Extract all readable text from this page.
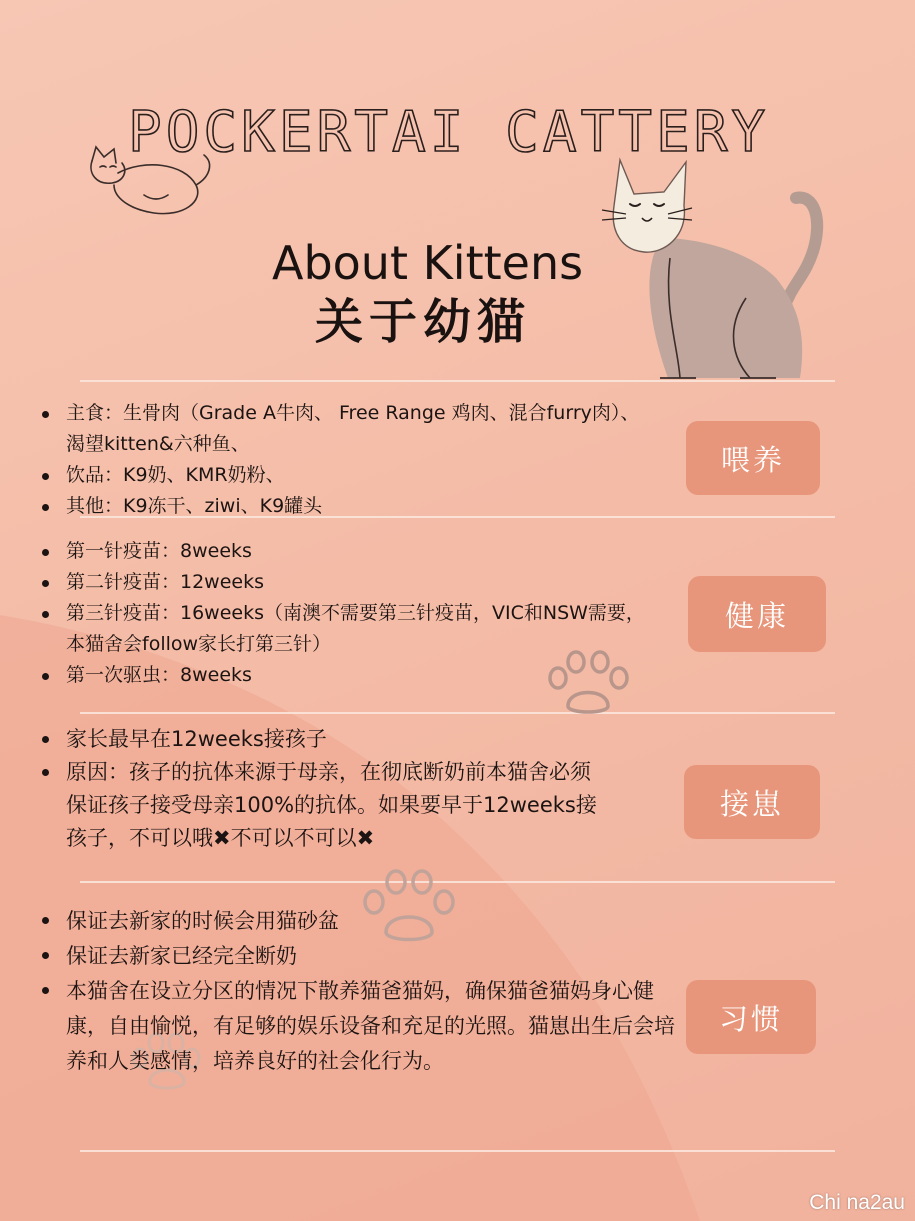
POCKERTAI CATTERY
About Kittens
关于幼猫
主食：生骨肉（Grade A牛肉、 Free Range 鸡肉、混合furry肉）、渴望kitten&六种鱼、
饮品：K9奶、KMR奶粉、
其他：K9冻干、ziwi、K9罐头
喂养
第一针疫苗：8weeks
第二针疫苗：12weeks
第三针疫苗：16weeks（南澳不需要第三针疫苗，VIC和NSW需要，本猫舍会follow家长打第三针）
第一次驱虫：8weeks
健康
家长最早在12weeks接孩子
原因：孩子的抗体来源于母亲，在彻底断奶前本猫舍必须保证孩子接受母亲100%的抗体。如果要早于12weeks接孩子，不可以哦✖不可以不可以✖
接崽
保证去新家的时候会用猫砂盆
保证去新家已经完全断奶
本猫舍在设立分区的情况下散养猫爸猫妈，确保猫爸猫妈身心健康，自由愉悦，有足够的娱乐设备和充足的光照。猫崽出生后会培养和人类感情，培养良好的社会化行为。
习惯
Chi na2au
